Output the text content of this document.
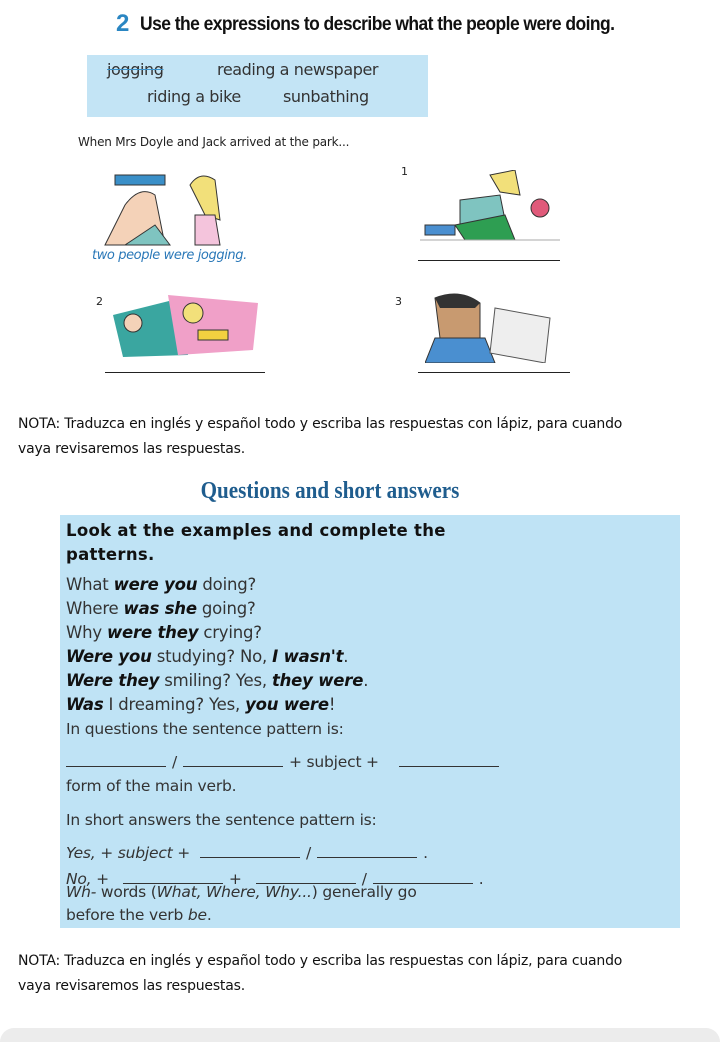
2 Use the expressions to describe what the people were doing.
jogging	reading a newspaper
riding a bike	sunbathing
When Mrs Doyle and Jack arrived at the park...
two people were jogging.
1
2	3
NOTA: Traduzca en inglés y español todo y escriba las respuestas con lápiz, para cuando
vaya revisaremos las respuestas.
Questions and short answers
Look at the examples and complete the
patterns.
What were you doing?
Where was she going?
Why were they crying?
Were you studying? No, I wasn't.
Were they smiling? Yes, they were.
Was I dreaming? Yes, you were!
In questions the sentence pattern is:
/	+ subject +
form of the main verb.
In short answers the sentence pattern is:
Yes, + subject +	/	.
No, +	+	/	.
Wh- words (What, Where, Why...) generally go
before the verb be.
NOTA: Traduzca en inglés y español todo y escriba las respuestas con lápiz, para cuando
vaya revisaremos las respuestas.
